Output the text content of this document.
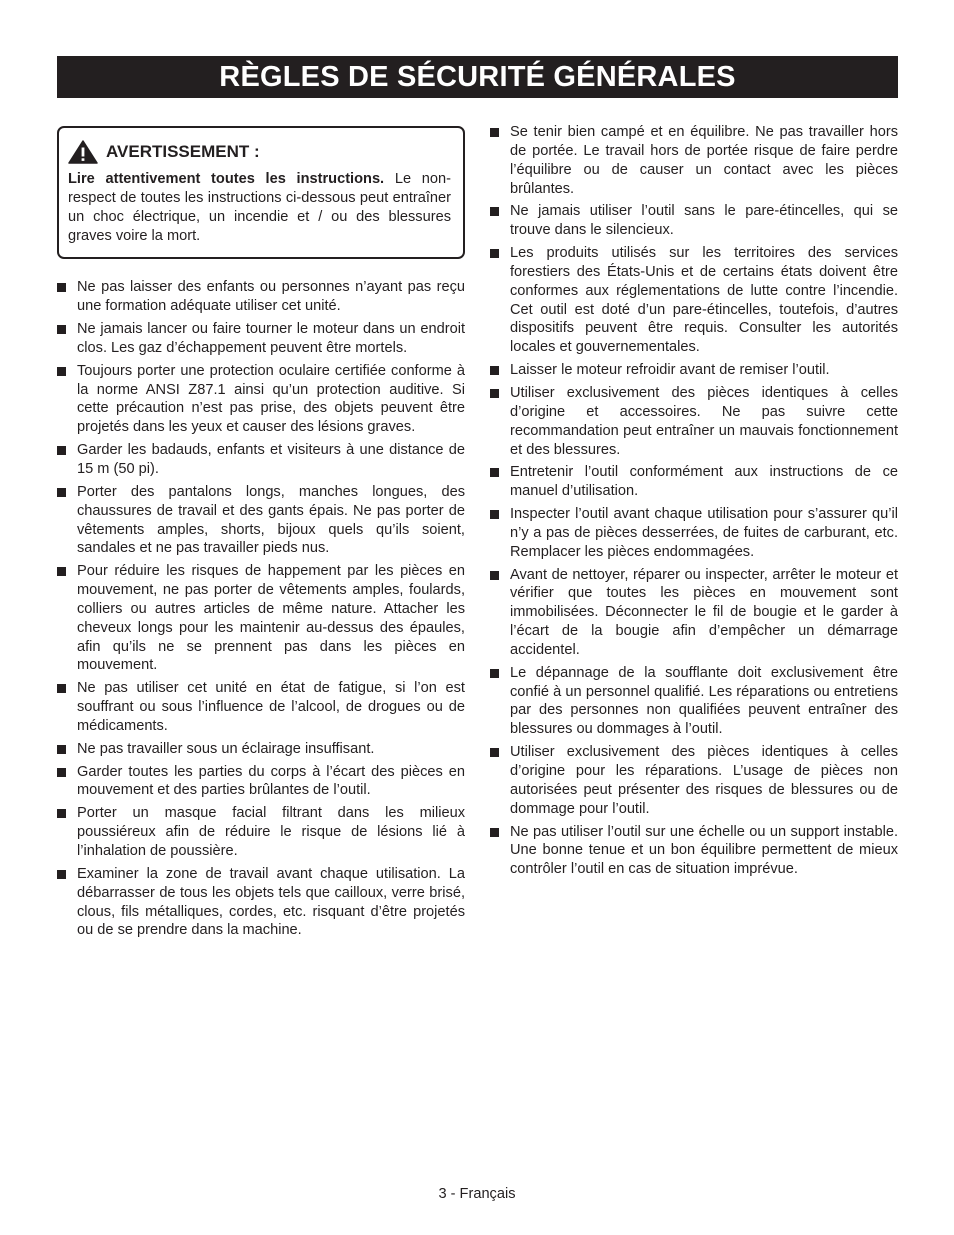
RÈGLES DE SÉCURITÉ GÉNÉRALES
AVERTISSEMENT :
Lire attentivement toutes les instructions. Le non-respect de toutes les instructions ci-dessous peut entraîner un choc électrique, un incendie et / ou des blessures graves voire la mort.
Ne pas laisser des enfants ou personnes n’ayant pas reçu une formation adéquate utiliser cet unité.
Ne jamais lancer ou faire tourner le moteur dans un endroit clos. Les gaz d’échappement peuvent être mortels.
Toujours porter une protection oculaire certifiée conforme à la norme ANSI Z87.1 ainsi qu’un protection auditive. Si cette précaution n’est pas prise, des objets peuvent être projetés dans les yeux et causer des lésions graves.
Garder les badauds, enfants et visiteurs à une distance de 15 m (50 pi).
Porter des pantalons longs, manches longues, des chaussures de travail et des gants épais. Ne pas porter de vêtements amples, shorts, bijoux quels qu’ils soient, sandales et ne pas travailler pieds nus.
Pour réduire les risques de happement par les pièces en mouvement, ne pas porter de vêtements amples, foulards, colliers ou autres articles de même nature. Attacher les cheveux longs pour les maintenir au-dessus des épaules, afin qu’ils ne se prennent pas dans les pièces en mouvement.
Ne pas utiliser cet unité en état de fatigue, si l’on est souffrant ou sous l’influence de l’alcool, de drogues ou de médicaments.
Ne pas travailler sous un éclairage insuffisant.
Garder toutes les parties du corps à l’écart des pièces en mouvement et des parties brûlantes de l’outil.
Porter un masque facial filtrant dans les milieux poussiéreux afin de réduire le risque de lésions lié à l’inhalation de poussière.
Examiner la zone de travail avant chaque utilisation. La débarrasser de tous les objets tels que cailloux, verre brisé, clous, fils métalliques, cordes, etc. risquant d’être projetés ou de se prendre dans la machine.
Se tenir bien campé et en équilibre. Ne pas travailler hors de portée. Le travail hors de portée risque de faire perdre l’équilibre ou de causer un contact avec les pièces brûlantes.
Ne jamais utiliser l’outil sans le pare-étincelles, qui se trouve dans le silencieux.
Les produits utilisés sur les territoires des services forestiers des États-Unis et de certains états doivent être conformes aux réglementations de lutte contre l’incendie. Cet outil est doté d’un pare-étincelles, toutefois, d’autres dispositifs peuvent être requis. Consulter les autorités locales et gouvernementales.
Laisser le moteur refroidir avant de remiser l’outil.
Utiliser exclusivement des pièces identiques à celles d’origine et accessoires. Ne pas suivre cette recommandation peut entraîner un mauvais fonctionnement et des blessures.
Entretenir l’outil conformément aux instructions de ce manuel d’utilisation.
Inspecter l’outil avant chaque utilisation pour s’assurer qu’il n’y a pas de pièces desserrées, de fuites de carburant, etc. Remplacer les pièces endommagées.
Avant de nettoyer, réparer ou inspecter, arrêter le moteur et vérifier que toutes les pièces en mouvement sont immobilisées. Déconnecter le fil de bougie et le garder à l’écart de la bougie afin d’empêcher un démarrage accidentel.
Le dépannage de la soufflante doit exclusivement être confié à un personnel qualifié. Les réparations ou entretiens par des personnes non qualifiées peuvent entraîner des blessures ou dommages à l’outil.
Utiliser exclusivement des pièces identiques à celles d’origine pour les réparations. L’usage de pièces non autorisées peut présenter des risques de blessures ou de dommage pour l’outil.
Ne pas utiliser l’outil sur une échelle ou un support instable. Une bonne tenue et un bon équilibre permettent de mieux contrôler l’outil en cas de situation imprévue.
3 - Français
